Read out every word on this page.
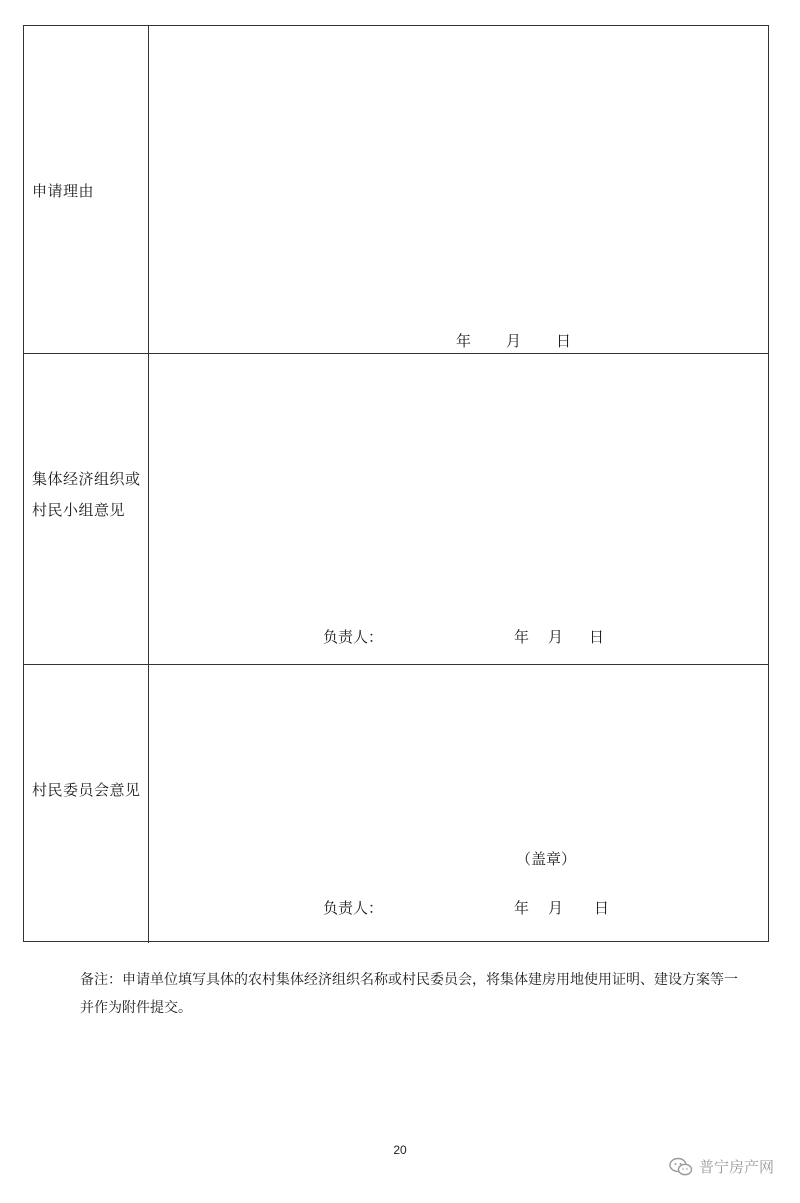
申请理由
年 月 日
集体经济组织或村民小组意见
负责人：	年 月 日
村民委员会意见
（盖章）
负责人：	年 月 日
备注：申请单位填写具体的农村集体经济组织名称或村民委员会，将集体建房用地使用证明、建设方案等一并作为附件提交。
20
普宁房产网
